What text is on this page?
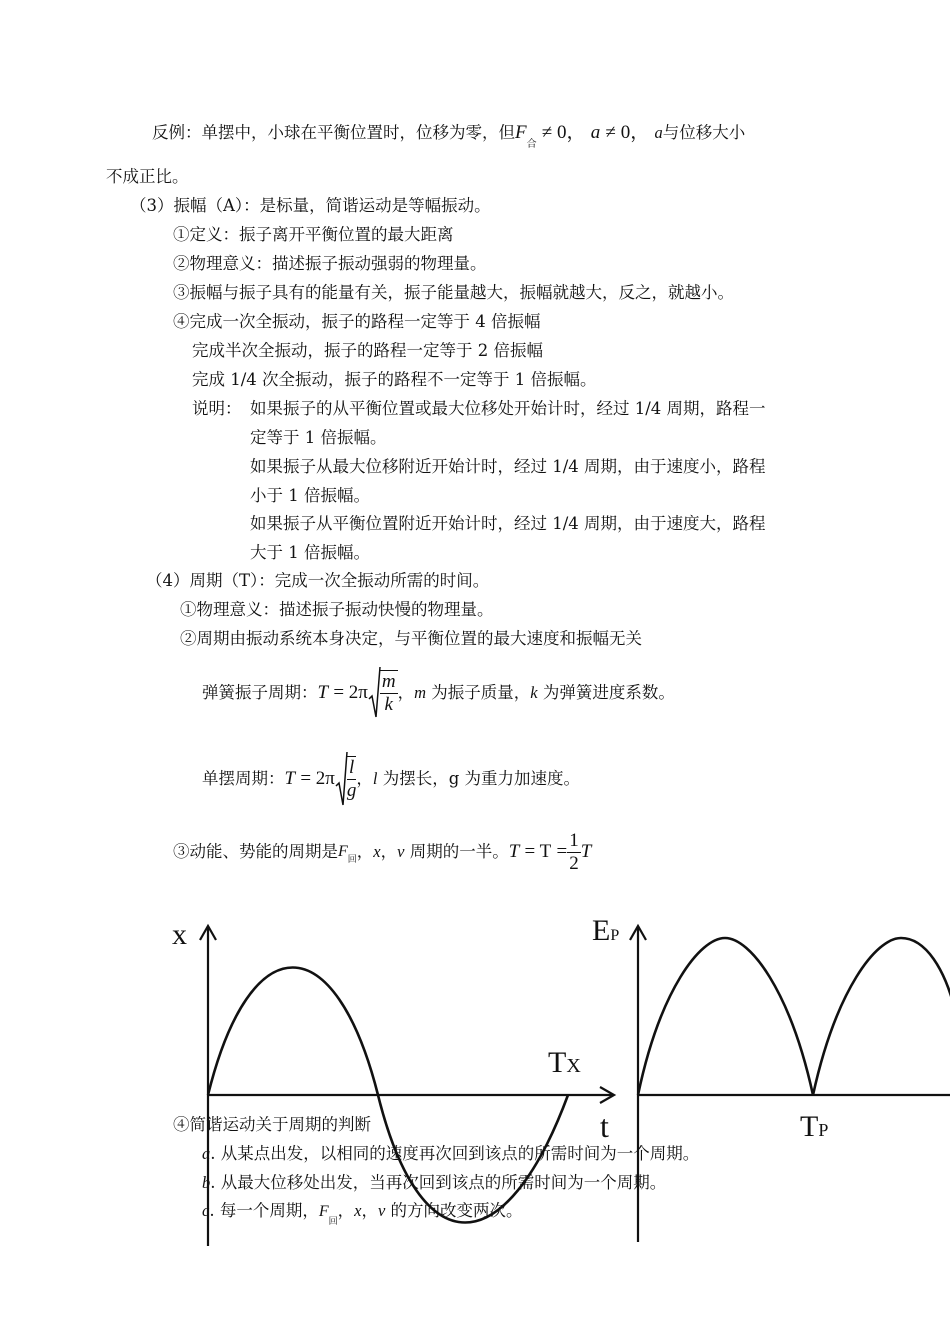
x
t
TX
EP
TP
反例：单摆中，小球在平衡位置时，位移为零，但$F_合 \ne 0$， a ≠ 0， a与位移大小
不成正比。
（3）振幅（A）：是标量，简谐运动是等幅振动。
①定义：振子离开平衡位置的最大距离
②物理意义：描述振子振动强弱的物理量。
③振幅与振子具有的能量有关，振子能量越大，振幅就越大，反之，就越小。
④完成一次全振动，振子的路程一定等于 4 倍振幅
完成半次全振动，振子的路程一定等于 2 倍振幅
完成 1/4 次全振动，振子的路程不一定等于 1 倍振幅。
说明： 如果振子的从平衡位置或最大位移处开始计时，经过 1/4 周期，路程一
定等于 1 倍振幅。
如果振子从最大位移附近开始计时，经过 1/4 周期，由于速度小，路程
小于 1 倍振幅。
如果振子从平衡位置附近开始计时，经过 1/4 周期，由于速度大，路程
大于 1 倍振幅。
（4）周期（T）：完成一次全振动所需的时间。
①物理意义：描述振子振动快慢的物理量。
②周期由振动系统本身决定，与平衡位置的最大速度和振幅无关
弹簧振子周期： T
= $2\pi \frac{m}{k}$ ， m
为振子质量， k
为弹簧进度系数。
单摆周期： T
= $2\pi \frac{l}{g}$ ， l
为摆长，g 为重力加速度。
③动能、势能的周期是 F 回 ， x ， v
周期的一半。 T
= T
= $\frac{1}{2}$ T
④简谐运动关于周期的判断
a. 从某点出发，以相同的速度再次回到该点的所需时间为一个周期。
b. 从最大位移处出发，当再次回到该点的所需时间为一个周期。
c. 每一个周期，$F_回$，x，v 的方向改变两次。
